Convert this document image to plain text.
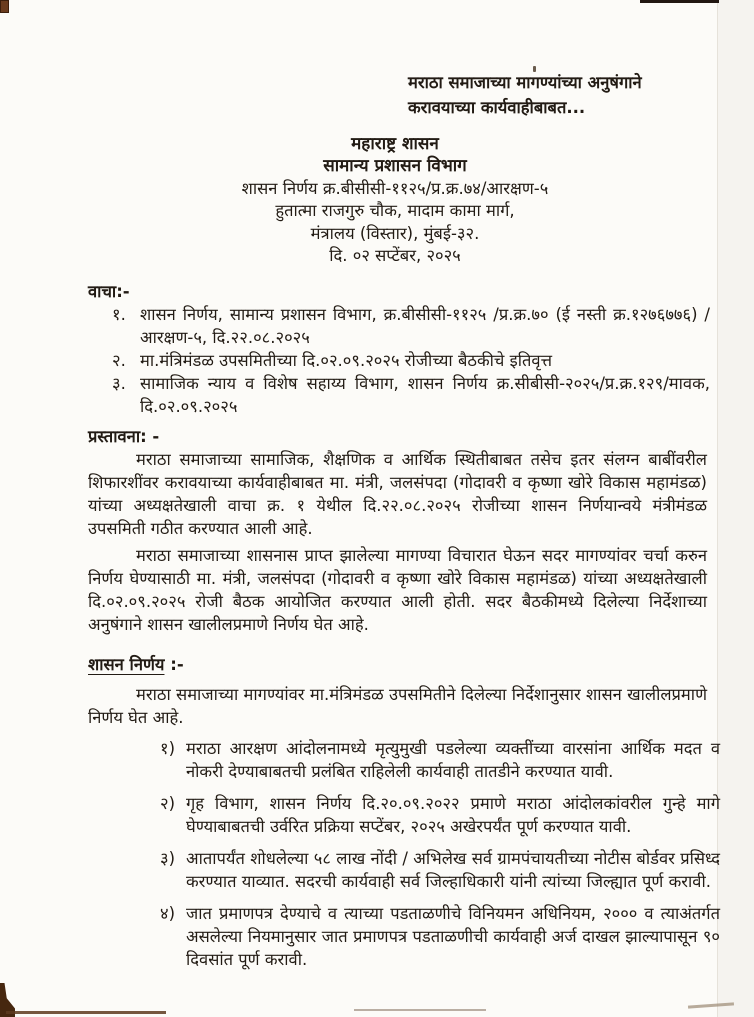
मराठा समाजाच्या मागण्यांच्या अनुषंगाने
करावयाच्या कार्यवाहीबाबत...
महाराष्ट्र शासन
सामान्य प्रशासन विभाग
शासन निर्णय क्र.बीसीसी-११२५/प्र.क्र.७४/आरक्षण-५
हुतात्मा राजगुरु चौक, मादाम कामा मार्ग,
मंत्रालय (विस्तार), मुंबई-३२.
दि. ०२ सप्टेंबर, २०२५
वाचा:-
१. शासन निर्णय, सामान्य प्रशासन विभाग, क्र.बीसीसी-११२५ /प्र.क्र.७० (ई नस्ती क्र.१२७६७७६) /आरक्षण-५, दि.२२.०८.२०२५
२. मा.मंत्रिमंडळ उपसमितीच्या दि.०२.०९.२०२५ रोजीच्या बैठकीचे इतिवृत्त
३. सामाजिक न्याय व विशेष सहाय्य विभाग, शासन निर्णय क्र.सीबीसी-२०२५/प्र.क्र.१२९/मावक, दि.०२.०९.२०२५
प्रस्तावना: -
मराठा समाजाच्या सामाजिक, शैक्षणिक व आर्थिक स्थितीबाबत तसेच इतर संलग्न बाबींवरील शिफारशींवर करावयाच्या कार्यवाहीबाबत मा. मंत्री, जलसंपदा (गोदावरी व कृष्णा खोरे विकास महामंडळ) यांच्या अध्यक्षतेखाली वाचा क्र. १ येथील दि.२२.०८.२०२५ रोजीच्या शासन निर्णयान्वये मंत्रीमंडळ उपसमिती गठीत करण्यात आली आहे.
मराठा समाजाच्या शासनास प्राप्त झालेल्या मागण्या विचारात घेऊन सदर मागण्यांवर चर्चा करुन निर्णय घेण्यासाठी मा. मंत्री, जलसंपदा (गोदावरी व कृष्णा खोरे विकास महामंडळ) यांच्या अध्यक्षतेखाली दि.०२.०९.२०२५ रोजी बैठक आयोजित करण्यात आली होती. सदर बैठकीमध्ये दिलेल्या निर्देशाच्या अनुषंगाने शासन खालीलप्रमाणे निर्णय घेत आहे.
शासन निर्णय :-
मराठा समाजाच्या मागण्यांवर मा.मंत्रिमंडळ उपसमितीने दिलेल्या निर्देशानुसार शासन खालीलप्रमाणे निर्णय घेत आहे.
१) मराठा आरक्षण आंदोलनामध्ये मृत्युमुखी पडलेल्या व्यक्तींच्या वारसांना आर्थिक मदत व नोकरी देण्याबाबतची प्रलंबित राहिलेली कार्यवाही तातडीने करण्यात यावी.
२) गृह विभाग, शासन निर्णय दि.२०.०९.२०२२ प्रमाणे मराठा आंदोलकांवरील गुन्हे मागे घेण्याबाबतची उर्वरित प्रक्रिया सप्टेंबर, २०२५ अखेरपर्यंत पूर्ण करण्यात यावी.
३) आतापर्यंत शोधलेल्या ५८ लाख नोंदी / अभिलेख सर्व ग्रामपंचायतीच्या नोटीस बोर्डवर प्रसिध्द करण्यात याव्यात. सदरची कार्यवाही सर्व जिल्हाधिकारी यांनी त्यांच्या जिल्ह्यात पूर्ण करावी.
४) जात प्रमाणपत्र देण्याचे व त्याच्या पडताळणीचे विनियमन अधिनियम, २००० व त्याअंतर्गत असलेल्या नियमानुसार जात प्रमाणपत्र पडताळणीची कार्यवाही अर्ज दाखल झाल्यापासून ९० दिवसांत पूर्ण करावी.
